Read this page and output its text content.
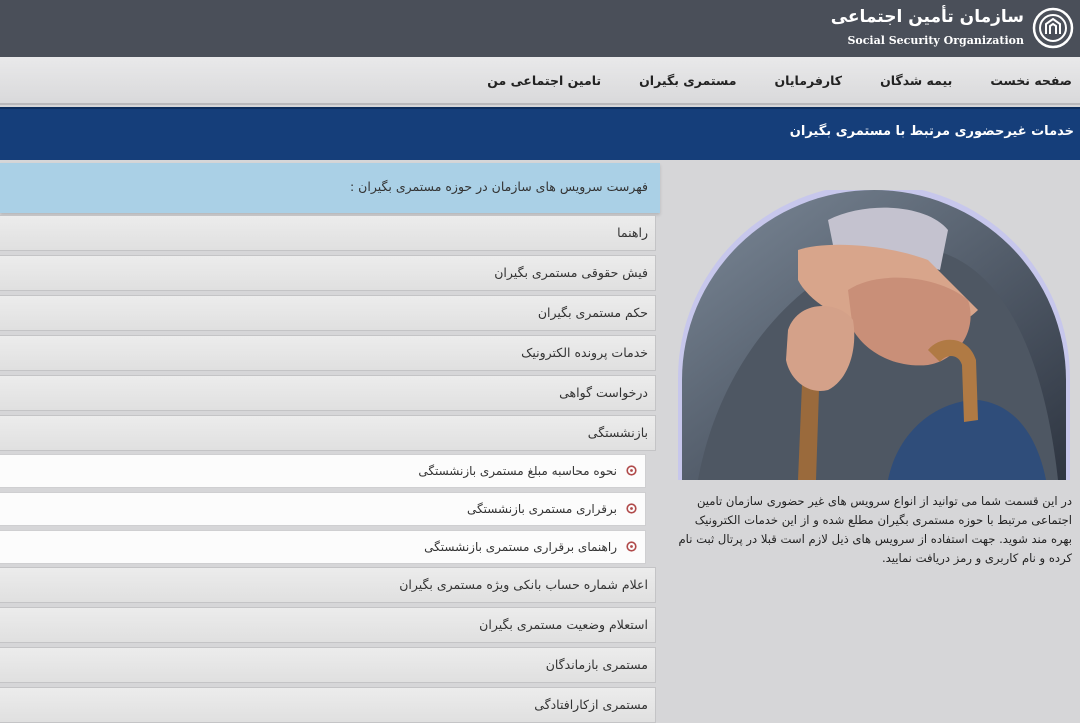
سازمان تأمین اجتماعی
Social Security Organization
صفحه نخست
بیمه شدگان
کارفرمایان
مستمری بگیران
تامین اجتماعی من
خدمات غیرحضوری مرتبط با مستمری بگیران
فهرست سرویس های سازمان در حوزه مستمری بگیران :
راهنما
فیش حقوقی مستمری بگیران
حکم مستمری بگیران
خدمات پرونده الکترونیک
درخواست گواهی
بازنشستگی
نحوه محاسبه مبلغ مستمری بازنشستگی
برقراری مستمری بازنشستگی
راهنمای برقراری مستمری بازنشستگی
اعلام شماره حساب بانکی ویژه مستمری بگیران
استعلام وضعیت مستمری بگیران
مستمری بازماندگان
مستمری ازکارافتادگی
در این قسمت شما می توانید از انواع سرویس های غیر حضوری سازمان تامین اجتماعی مرتبط با حوزه مستمری بگیران مطلع شده و از این خدمات الکترونیک بهره مند شوید. جهت استفاده از سرویس های ذیل لازم است قبلا در پرتال ثبت نام کرده و نام کاربری و رمز دریافت نمایید.
